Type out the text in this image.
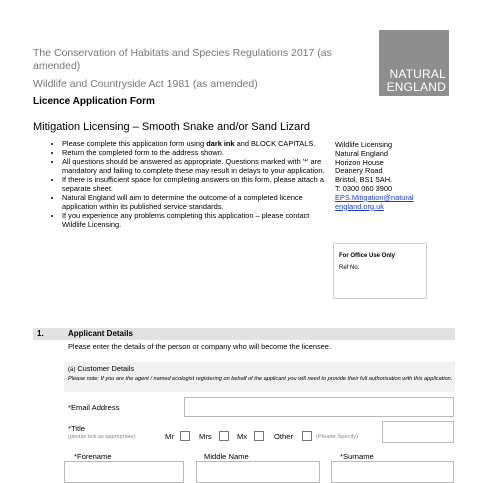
The Conservation of Habitats and Species Regulations 2017 (as amended)
Wildlife and Countryside Act 1981 (as amended)
Licence Application Form
Mitigation Licensing – Smooth Snake and/or Sand Lizard
NATURAL
ENGLAND
• Please complete this application form using dark ink and BLOCK CAPITALS.
• Return the completed form to the address shown.
• All questions should be answered as appropriate. Questions marked with '*' are mandatory and failing to complete these may result in delays to your application.
• If there is insufficient space for completing answers on this form, please attach a separate sheet.
• Natural England will aim to determine the outcome of a completed licence application within its published service standards.
• If you experience any problems completing this application – please contact Wildlife Licensing.
Wildlife Licensing
Natural England
Horizon House
Deanery Road
Bristol, BS1 5AH.
T: 0300 060 3900
EPS.Mitigation@natural
england.org.uk
For Office Use Only
Ref No.
1.	Applicant Details
Please enter the details of the person or company who will become the licensee.
(a) Customer Details
Please note: If you are the agent / named ecologist registering on behalf of the applicant you will need to provide their full authorisation with this application.
*Email Address
*Title
(please tick as appropriate)	Mr	Mrs	Mx	Other	(Please Specify)
*Forename	Middle Name	*Surname
